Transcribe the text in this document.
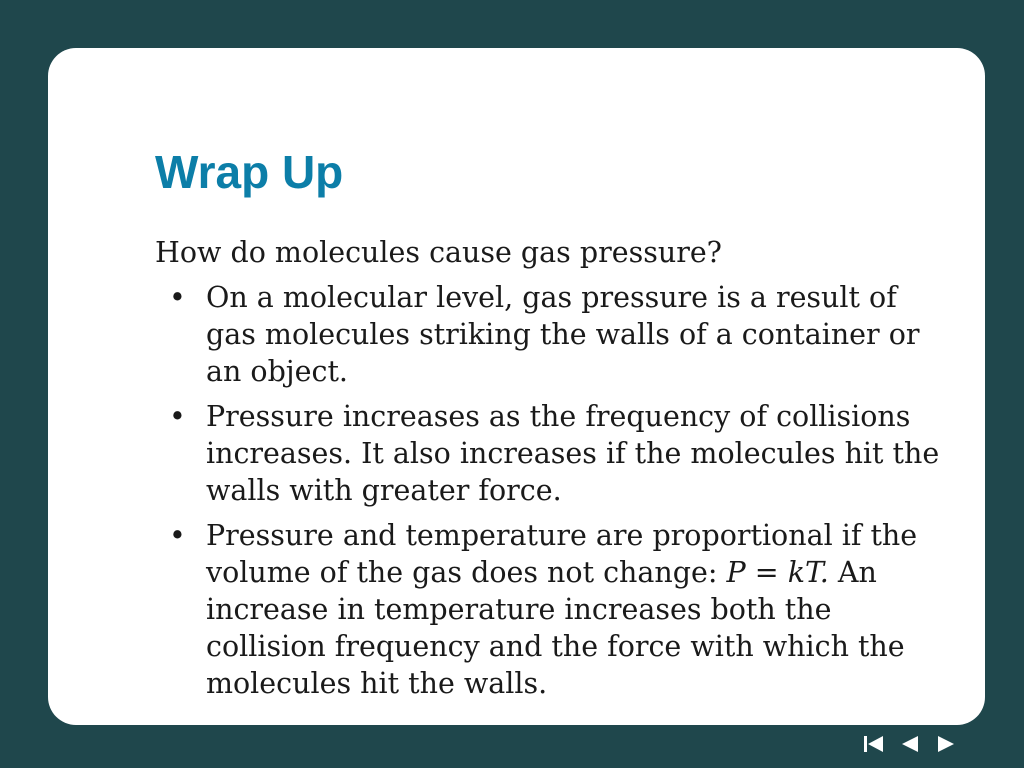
Wrap Up

How do molecules cause gas pressure?

• On a molecular level, gas pressure is a result of gas molecules striking the walls of a container or an object.
• Pressure increases as the frequency of collisions increases. It also increases if the molecules hit the walls with greater force.
• Pressure and temperature are proportional if the volume of the gas does not change: P = kT. An increase in temperature increases both the collision frequency and the force with which the molecules hit the walls.
